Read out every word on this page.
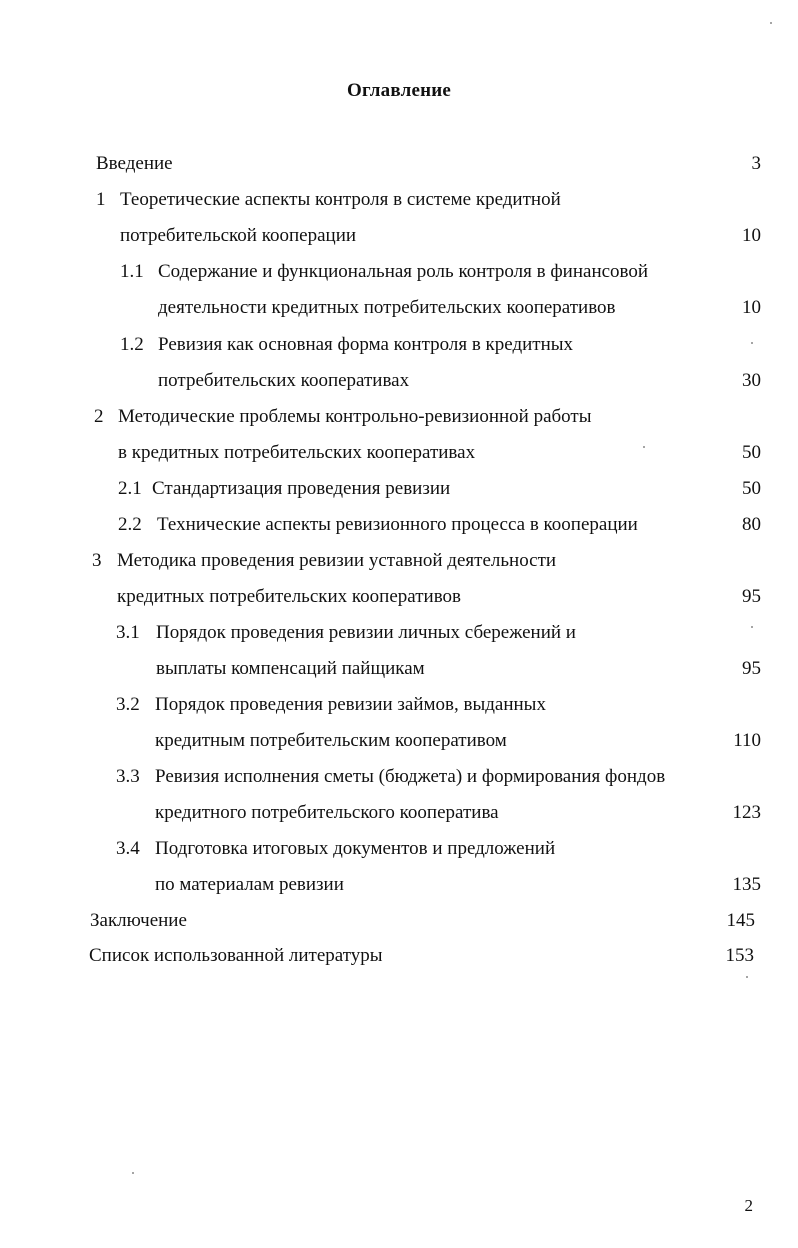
Оглавление
Введение	3
1 Теоретические аспекты контроля в системе кредитной
потребительской кооперации	10
1.1 Содержание и функциональная роль контроля в финансовой
деятельности кредитных потребительских кооперативов	10
1.2 Ревизия как основная форма контроля в кредитных
потребительских кооперативах	30
2 Методические проблемы контрольно-ревизионной работы
в кредитных потребительских кооперативах	50
2.1 Стандартизация проведения ревизии	50
2.2 Технические аспекты ревизионного процесса в кооперации	80
3 Методика проведения ревизии уставной деятельности
кредитных потребительских кооперативов	95
3.1 Порядок проведения ревизии личных сбережений и
выплаты компенсаций пайщикам	95
3.2 Порядок проведения ревизии займов, выданных
кредитным потребительским кооперативом	110
3.3 Ревизия исполнения сметы (бюджета) и формирования фондов
кредитного потребительского кооператива	123
3.4 Подготовка итоговых документов и предложений
по материалам ревизии	135
Заключение	145
Список использованной литературы	153
2
